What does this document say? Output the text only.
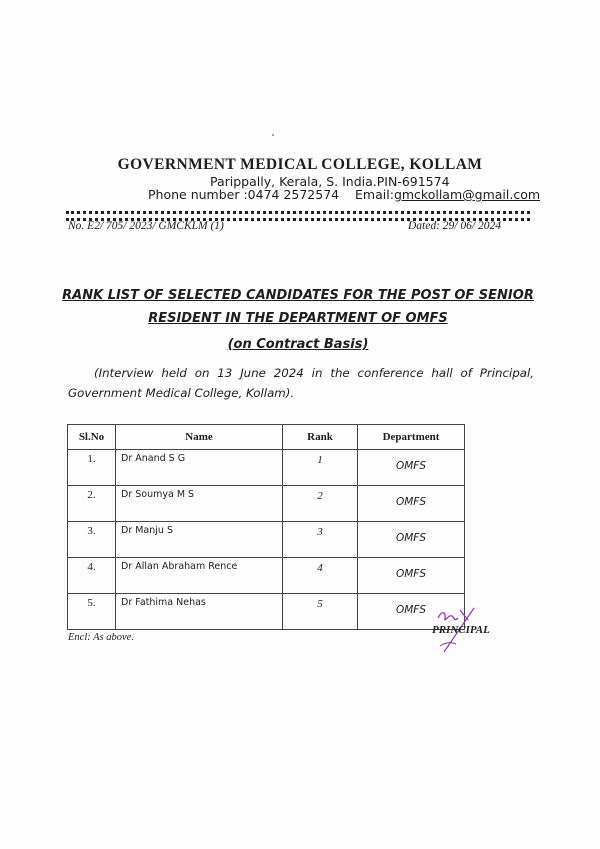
GOVERNMENT MEDICAL COLLEGE, KOLLAM
Parippally, Kerala, S. India.PIN-691574
Phone number :0474 2572574 Email:gmckollam@gmail.com
No. E2/ 705/ 2023/ GMCKLM (1)	Dated: 29/ 06/ 2024
RANK LIST OF SELECTED CANDIDATES FOR THE POST OF SENIOR
RESIDENT IN THE DEPARTMENT OF OMFS
(on Contract Basis)
(Interview held on 13 June 2024 in the conference hall of Principal, Government Medical College, Kollam).
Sl.No	Name	Rank	Department
1.	Dr Anand S G	1	OMFS
2.	Dr Soumya M S	2	OMFS
3.	Dr Manju S	3	OMFS
4.	Dr Allan Abraham Rence	4	OMFS
5.	Dr Fathima Nehas	5	OMFS
PRINCIPAL
Encl: As above.
